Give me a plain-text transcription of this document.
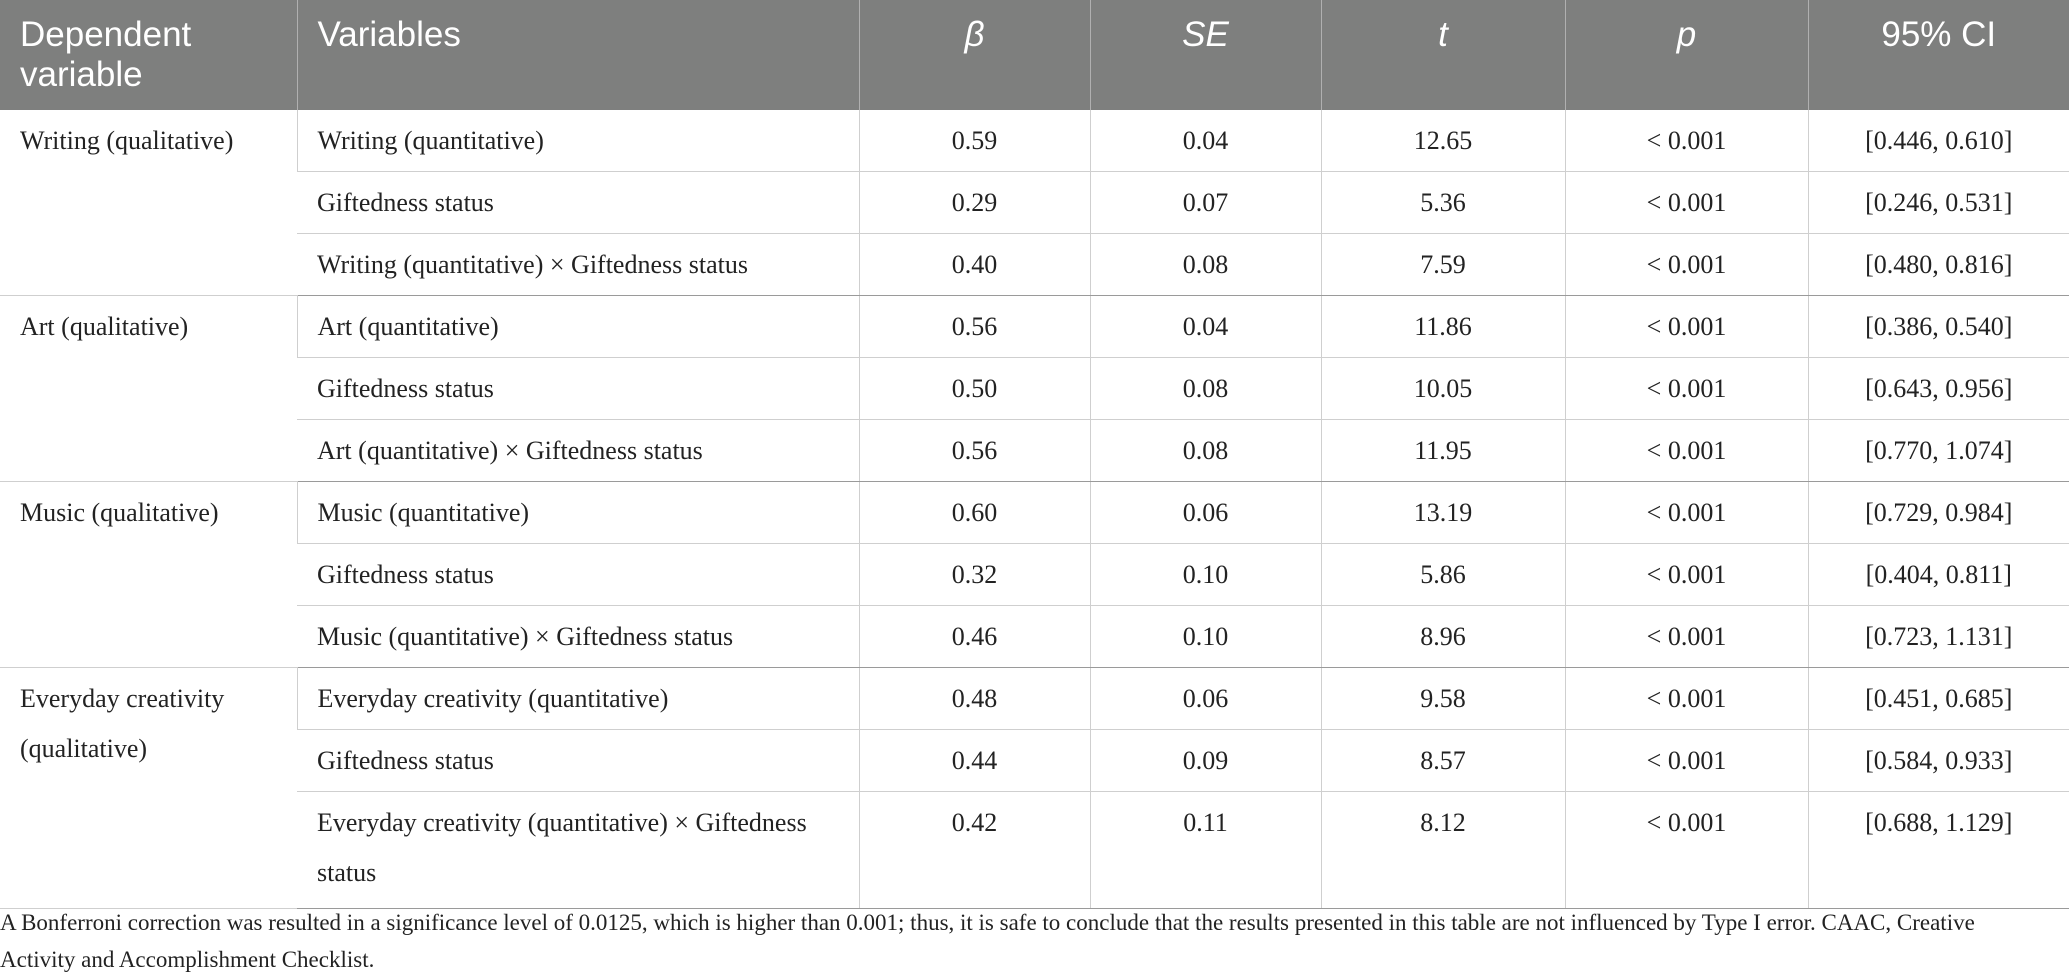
Dependent variable	Variables	β	SE	t	p	95% CI
Writing (qualitative)	Writing (quantitative)	0.59	0.04	12.65	< 0.001	[0.446, 0.610]
	Giftedness status	0.29	0.07	5.36	< 0.001	[0.246, 0.531]
	Writing (quantitative) × Giftedness status	0.40	0.08	7.59	< 0.001	[0.480, 0.816]
Art (qualitative)	Art (quantitative)	0.56	0.04	11.86	< 0.001	[0.386, 0.540]
	Giftedness status	0.50	0.08	10.05	< 0.001	[0.643, 0.956]
	Art (quantitative) × Giftedness status	0.56	0.08	11.95	< 0.001	[0.770, 1.074]
Music (qualitative)	Music (quantitative)	0.60	0.06	13.19	< 0.001	[0.729, 0.984]
	Giftedness status	0.32	0.10	5.86	< 0.001	[0.404, 0.811]
	Music (quantitative) × Giftedness status	0.46	0.10	8.96	< 0.001	[0.723, 1.131]
Everyday creativity (qualitative)	Everyday creativity (quantitative)	0.48	0.06	9.58	< 0.001	[0.451, 0.685]
	Giftedness status	0.44	0.09	8.57	< 0.001	[0.584, 0.933]
	Everyday creativity (quantitative) × Giftedness status	0.42	0.11	8.12	< 0.001	[0.688, 1.129]
A Bonferroni correction was resulted in a significance level of 0.0125, which is higher than 0.001; thus, it is safe to conclude that the results presented in this table are not influenced by Type I error. CAAC, Creative Activity and Accomplishment Checklist.
